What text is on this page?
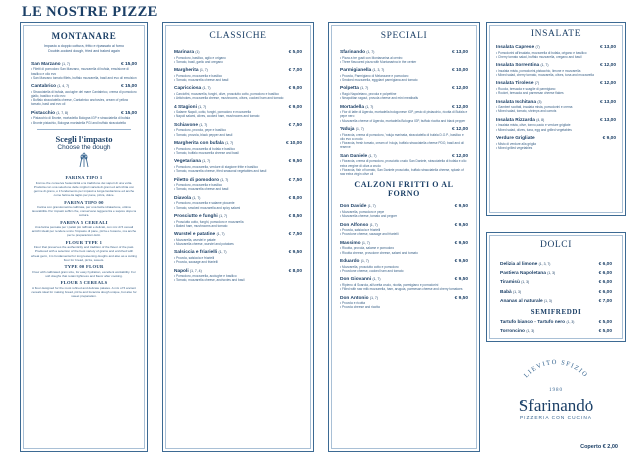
LE NOSTRE PIZZE
MONTANARE
Impasto a doppio cottura, fritto e ripassato al forno
Double-cooked dough, fried and baked again
San Marzano (1, 7)	€ 15,00
• Filetti di pomodoro San Marzano, mozzarella di bufala, emulsione di basilico e olio evo
• San Marzano tomato fillets, buffalo mozzarella, basil and evo oil emulsion
Cantabrico (1, 4, 7)	€ 15,00
• Stracciatella di bufala, acciughe del mare Cantabrico, crema di pomodoro giallo, basilico e olio evo
• Buffalo stracciatella cheese, Cantabrico anchovies, cream of yellow tomato, basil and evo oil
Pistacchio (1, 7, 8)	€ 15,00
• Pistacchio di Bronte, mortadella Bologna IGP e stracciatella di bufala
• Bronte pistachio, Bologna mortadella PGI and buffalo stracciatella
Scegli l'impasto
Choose the dough
FARINA TIPO 1
Forma che conserva l'autenticità e la tradizione dei sapori di una volta. Prodotta con una selezione delle migliori varietà di grani ed arricchita con germe di grano, è il fondamento per impasti a lunga lievitazione ed anche come farina da taglio per pane, pizza, dolce.
FARINA TIPO 00
Farina con granulometria calibrata, per una facile idratazione, ottima lavorabilità. Per impasti soffici che, conservano leggerezza e sapore dopo la cottura.
FARINA 5 CEREALI
Una farina pensata per i palati più raffinati e delicati, con mix di 5 cereali antichi ideali per rendere unico l'impasto di pane, pizza e focacce, ma anche per le preparazioni dolci.
FLOUR TYPE 1
Flour that preserves the authenticity and tradition of the flavor of the past. Produced with a selection of the best variety of grains and enriched with wheat germ, it is fundamental for long leavening doughs and also as a cutting flour for bread, pizza, sweets.
TYPE 00 FLOUR
Flour with calibrated grain size, for easy hydration, excellent workability. For soft doughs that retain lightness and flavor after cooking.
FLOUR 5 CEREALS
A flour designed for the most refined and delicate palates. A mix of 5 ancient cereals ideal for making bread, pizza and focaccia dough unique, but also for sweet preparation.
CLASSICHE
Marinara (1)	€ 5,00
• Pomodoro, basilico, aglio e origano
• Tomato, basil, garlic and oregano
Margherita (1, 7)	€ 7,00
• Pomodoro, mozzarella e basilico
• Tomato, mozzarella cheese and basil
Capricciosa (1, 7)	€ 9,00
• Carciofini, mozzarella, funghi, olive, prosciutto cotto, pomodoro e basilico
• Artichokes, mozzarella cheese, mushrooms, olives, cooked ham and tomato
4 Stagioni (1, 7)	€ 9,00
• Salame Napoli, cotto, funghi, pomodoro e mozzarella
• Napoli salami, olives, cooked ham, mushrooms and tomato
Schiavone (1, 7)	€ 7,50
• Pomodoro, provola, pepe e basilico
• Tomato, provola, black pepper and basil
Margherita con bufala (1, 7)	€ 10,00
• Pomodoro, mozzarella di bufala e basilico
• Tomato, buffalo mozzarella cheese and basil
Vegetariana (1, 7)	€ 9,50
• Pomodoro, mozzarella, verdure di stagione fritte e basilico
• Tomato, mozzarella cheese, fried seasonal vegetables and basil
Filetto di pomodoro (1, 7)	€ 7,50
• Pomodoro, mozzarella e basilico
• Tomato, mozzarella cheese and basil
Diavola (1, 7)	€ 8,00
• Pomodoro, mozzarella e salame piccante
• Tomato, smoked mozzarella and spicy salami
Prosciutto e funghi (1, 7)	€ 8,50
• Prosciutto cotto, funghi, pomodoro e mozzarella
• Baked ham, mushrooms and tomato
Wurstel e patatine (1, 7)	€ 7,50
• Mozzarella, wurstel e patate
• Mozzarella cheese, wurstel and potatoes
Salsiccia e friarielli (1, 7)	€ 9,50
• Provola, salsiccia e friarielli
• Provola, sausage and friarielli
Napoli (1, 7, 4)	€ 8,00
• Pomodoro, mozzarella, acciughe e basilico
• Tomato, mozzarella cheese, anchovies and basil
SPECIALI
Sfarinando (1, 7)	€ 13,00
• Pizza a tre gusti con Montanarina al centro
• Three flavoured pizza with Montanarina in the center
Parmigianella (1, 3, 7)	€ 10,00
• Provola, Parmigiano di Melanzane e pomodoro
• Smoked mozzarella, eggplant parmigiana and tomato
Polpetta (1, 7)	€ 12,00
• Ragù Napoletano, provola e polpettine
• Neapolitan ragout, provola cheese and mini meatballs
Mortadella (1, 7)	€ 12,00
• Fior di latte di Agerola, mortadella bologonese IGP, pesto di pistacchio, ricotta di Bufala e pepe nero
• Mozzarella cheese of Agerola, mortadella Bologna IGP, buffalo ricotta and black pepper
'Nduja (1, 7)	€ 12,00
• Fiorarcia, crema di pomodoro, 'nduja marinata, stracciatella di bufala D.O.P., basilico e olio evo a crudo
• Fiorarcia, fresh tomato, cream of 'nduja, buffalo stracciatella cheese PDO, basil and oil reserve
San Daniele (1, 7)	€ 12,00
• Fiorarcia, crema di pomodoro, prosciutto crudo San Daniele, stracciatella di bufala e olio extra vergine di oliva a crudo
• Fiorarcia, fish of tomato, San Daniele prosciutto, buffalo stracciatella cheese, splash of raw extra virgin olive oil
CALZONI FRITTI O AL FORNO
Don Davide (1, 7)	€ 9,50
• Mozzarella, pomodoro e pepe
• Mozzarella cheese, tomato and pepper
Don Alfonso (1, 7)	€ 9,50
• Provola, salsiccia e friarielli
• Provolone cheese, sausage and friarielli
Massimo (1, 7)	€ 9,50
• Ricotta, provola, salame e pomodoro
• Ricotta cheese, provolone cheese, salami and tomato
Eduardo (1, 7)	€ 9,50
• Mozzarella, prosciutto cotto e pomodoro
• Provolone cheese, cooked ham and tomato
Don Giovanni (1, 7)	€ 9,50
• Ripieno di Scarola, all'uvetta crudo, ricotta, parmigiano e pomodorini
• Filled with raw milk mozzarella, ham, arugula, parmesan cheese and cherry tomatoes
Don Antonio (1, 7)	€ 9,50
• Provola e ricotta
• Provola cheese and ricotta
INSALATE
Insalata Caprese (7)	€ 13,00
• Pomodorini all'insalata, mozzarella di bufala, origano e basilico
• Cherry tomato salad, buffalo mozzarella, oregano and basil
Insalata Sorrentina (1, 7)	€ 12,00
• Insalata mista, pomodorini,pistacchio, limone e mozzarella
• Mixed salad, cherry tomato, mozzarella, olives, tuna and mozzarella
Insalata Tirolese (7)	€ 12,00
• Rucola, bresaola e scaglie di parmigiano
• Rocket, bresaola and parmesan cheese flakes
Insalata Ischitana (3)	€ 13,00
• Gamberi scottati, insalata mista, pomodorini e crema
• Mixed salad, tomato, shrimps and carrots
Insalata Rizzarda (4, 8)	€ 13,00
• Insalata mista, olive, tonno,cacio e verdure grigliate
• Mixed salad, olives, tuna, egg and grilled vegetables
Verdure Grigliate	€ 9,00
• Misto di verdure alla griglia
• Mixed grilled vegetables
DOLCI
Delizia al limone (1, 3, 7)	€ 6,00
Pastiera Napoletana (1, 3)	€ 6,00
Tiramisù (1, 3)	€ 6,00
Babà (1, 3)	€ 6,00
Ananas al naturale (1, 3)	€ 7,00
SEMIFREDDI
Tartufo bianco - Tartufo nero (1, 3)	€ 5,00
Torroncino (1, 3)	€ 5,00
LIEVITO SFIZIO
1980
Sfarinando
PIZZERIA CON CUCINA
Coperto € 2,00
